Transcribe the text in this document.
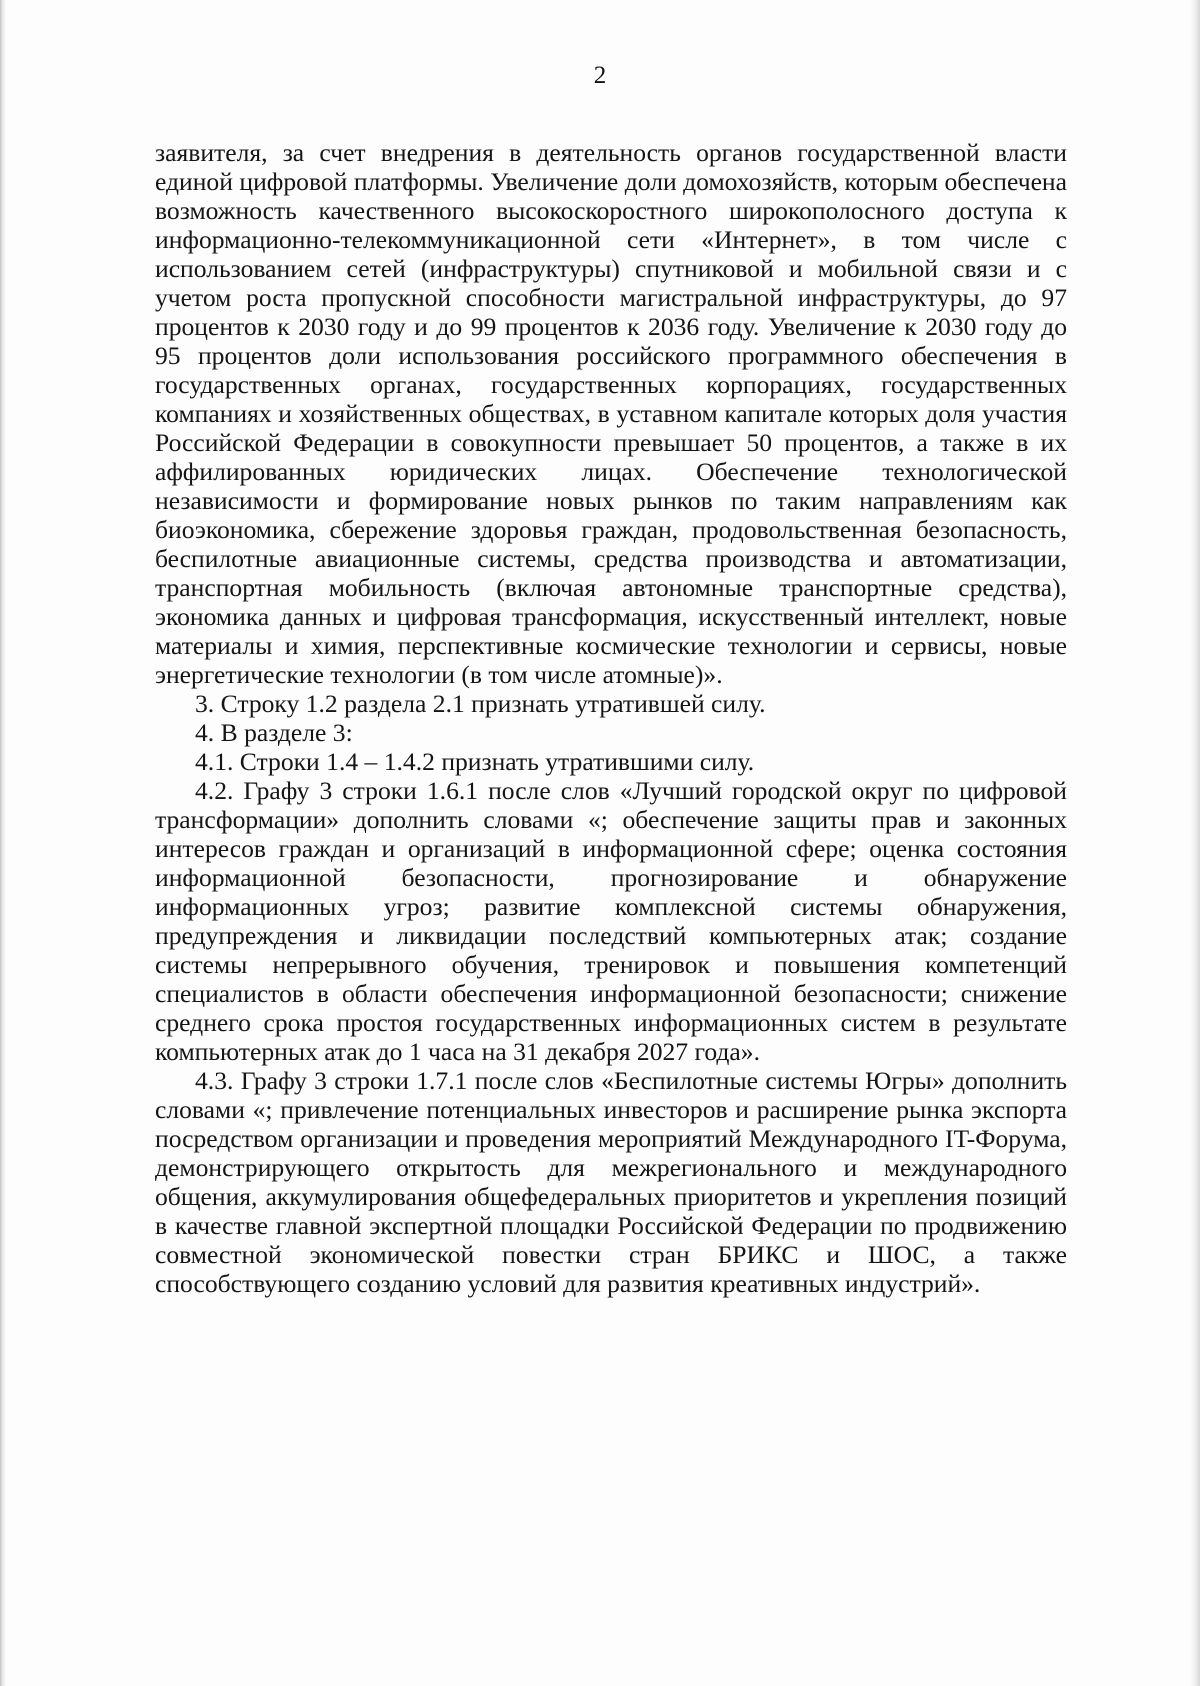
2

заявителя, за счет внедрения в деятельность органов государственной власти единой цифровой платформы. Увеличение доли домохозяйств, которым обеспечена возможность качественного высокоскоростного широкополосного доступа к информационно-телекоммуникационной сети «Интернет», в том числе с использованием сетей (инфраструктуры) спутниковой и мобильной связи и с учетом роста пропускной способности магистральной инфраструктуры, до 97 процентов к 2030 году и до 99 процентов к 2036 году. Увеличение к 2030 году до 95 процентов доли использования российского программного обеспечения в государственных органах, государственных корпорациях, государственных компаниях и хозяйственных обществах, в уставном капитале которых доля участия Российской Федерации в совокупности превышает 50 процентов, а также в их аффилированных юридических лицах. Обеспечение технологической независимости и формирование новых рынков по таким направлениям как биоэкономика, сбережение здоровья граждан, продовольственная безопасность, беспилотные авиационные системы, средства производства и автоматизации, транспортная мобильность (включая автономные транспортные средства), экономика данных и цифровая трансформация, искусственный интеллект, новые материалы и химия, перспективные космические технологии и сервисы, новые энергетические технологии (в том числе атомные)».

3. Строку 1.2 раздела 2.1 признать утратившей силу.

4. В разделе 3:

4.1. Строки 1.4 – 1.4.2 признать утратившими силу.

4.2. Графу 3 строки 1.6.1 после слов «Лучший городской округ по цифровой трансформации» дополнить словами «; обеспечение защиты прав и законных интересов граждан и организаций в информационной сфере; оценка состояния информационной безопасности, прогнозирование и обнаружение информационных угроз; развитие комплексной системы обнаружения, предупреждения и ликвидации последствий компьютерных атак; создание системы непрерывного обучения, тренировок и повышения компетенций специалистов в области обеспечения информационной безопасности; снижение среднего срока простоя государственных информационных систем в результате компьютерных атак до 1 часа на 31 декабря 2027 года».

4.3. Графу 3 строки 1.7.1 после слов «Беспилотные системы Югры» дополнить словами «; привлечение потенциальных инвесторов и расширение рынка экспорта посредством организации и проведения мероприятий Международного IT-Форума, демонстрирующего открытость для межрегионального и международного общения, аккумулирования общефедеральных приоритетов и укрепления позиций в качестве главной экспертной площадки Российской Федерации по продвижению совместной экономической повестки стран БРИКС и ШОС, а также способствующего созданию условий для развития креативных индустрий».
